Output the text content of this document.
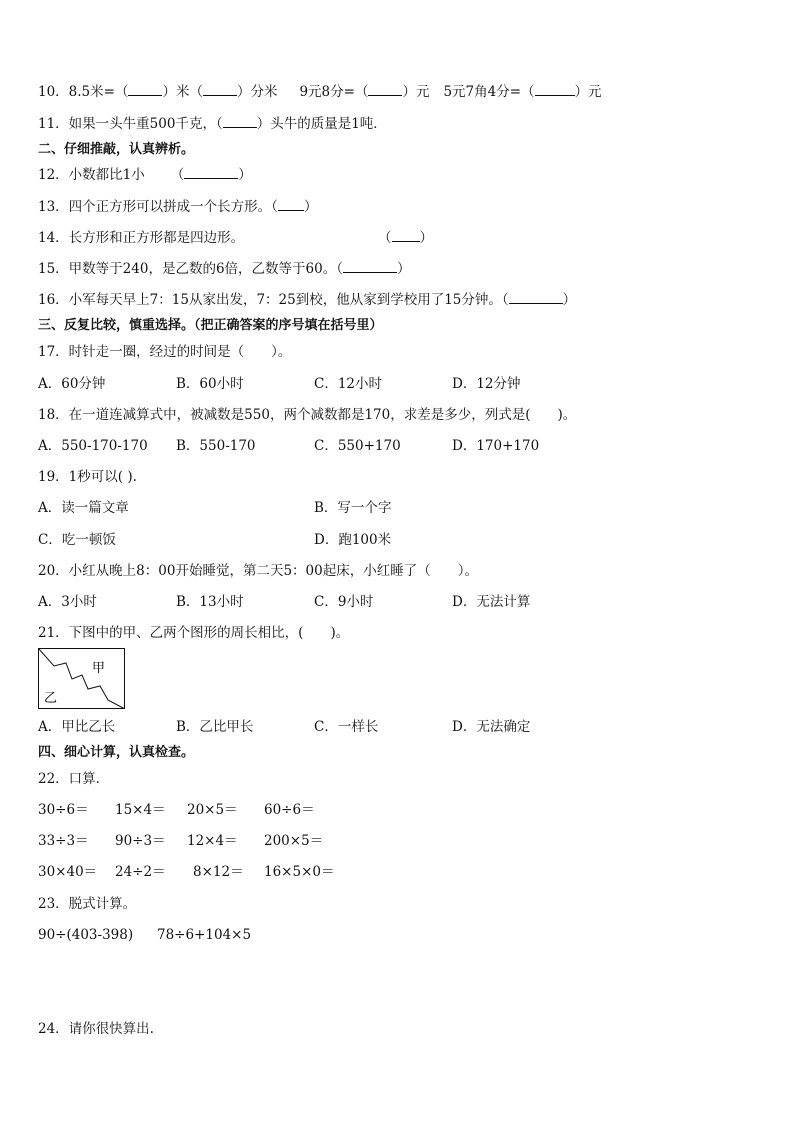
10．8.5米=（	）米（	）分米 9元8分=（	）元 5元7角4分=（	）元
11．如果一头牛重500千克，（	）头牛的质量是1吨．
二、仔细推敲，认真辨析。
12．小数都比1小 （	）
13．四个正方形可以拼成一个长方形。（ ）
14．长方形和正方形都是四边形。	（ ）
15．甲数等于240，是乙数的6倍，乙数等于60。（	）
16．小军每天早上7：15从家出发，7：25到校，他从家到学校用了15分钟。（	）
三、反复比较，慎重选择。（把正确答案的序号填在括号里）
17．时针走一圈，经过的时间是（　　）。
A．60分钟	B．60小时	C．12小时	D．12分钟
18．在一道连减算式中，被减数是550，两个减数都是170，求差是多少，列式是(　　)。
A．550-170-170 B．550-170	C．550+170	D．170+170
19．1秒可以( ).
A．读一篇文章	B．写一个字
C．吃一顿饭	D．跑100米
20．小红从晚上8：00开始睡觉，第二天5：00起床，小红睡了（　　）。
A．3小时	B．13小时	C．9小时	D．无法计算
21．下图中的甲、乙两个图形的周长相比，(　　)。
甲
乙
A．甲比乙长	B．乙比甲长	C．一样长	D．无法确定
四、细心计算，认真检查。
22．口算．
30÷6＝ 15×4＝ 20×5＝ 60÷6＝
33÷3＝ 90÷3＝ 12×4＝ 200×5＝
30×40＝ 24÷2＝ 8×12＝ 16×5×0＝
23．脱式计算。
90÷(403-398) 78÷6+104×5
24．请你很快算出.
